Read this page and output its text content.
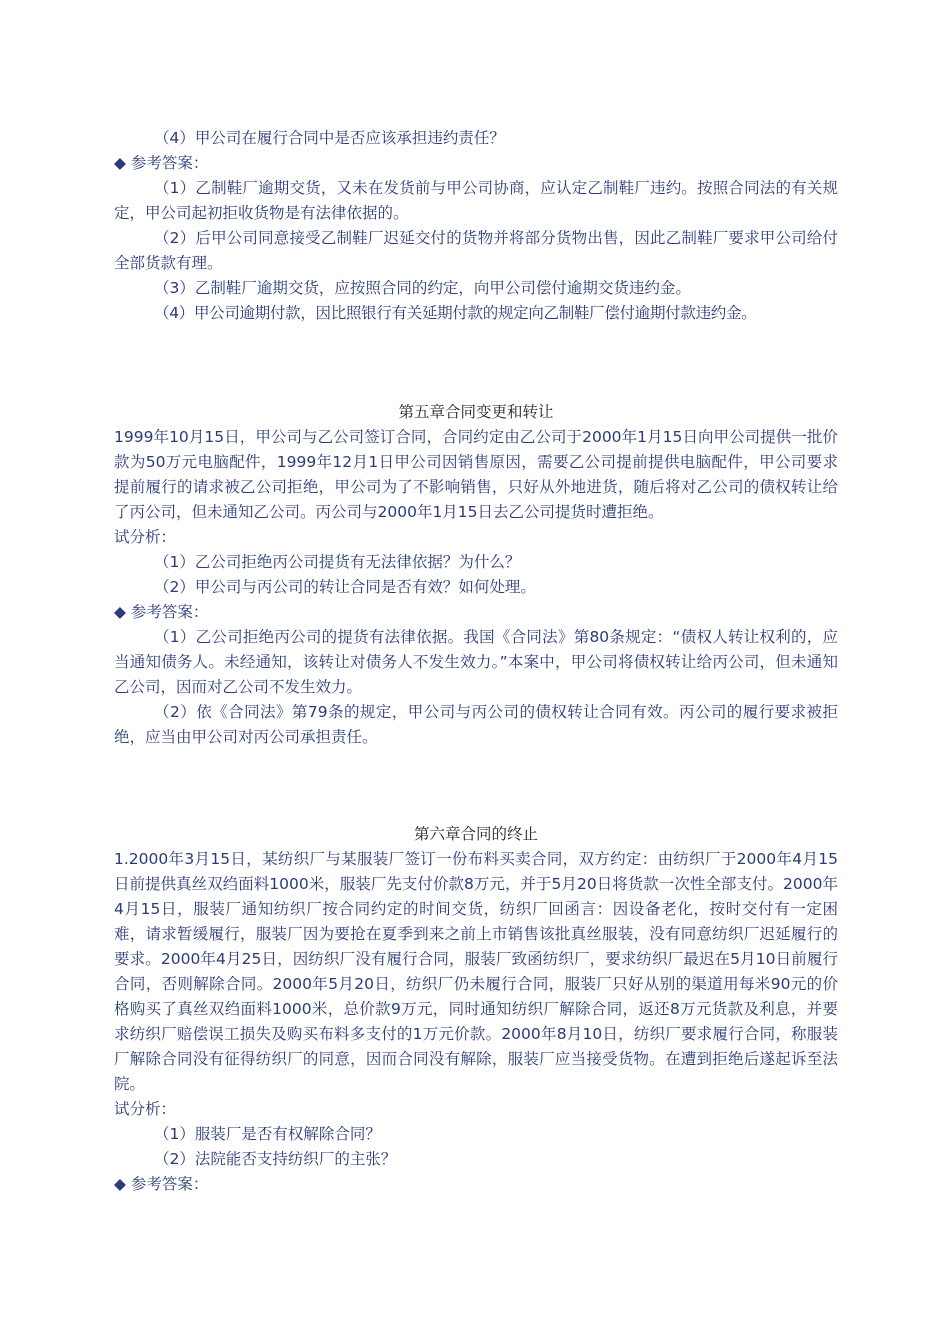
（4）甲公司在履行合同中是否应该承担违约责任？

◆ 参考答案：

（1）乙制鞋厂逾期交货，又未在发货前与甲公司协商，应认定乙制鞋厂违约。按照合同法的有关规定，甲公司起初拒收货物是有法律依据的。

（2）后甲公司同意接受乙制鞋厂迟延交付的货物并将部分货物出售，因此乙制鞋厂要求甲公司给付全部货款有理。

（3）乙制鞋厂逾期交货，应按照合同的约定，向甲公司偿付逾期交货违约金。

（4）甲公司逾期付款，因比照银行有关延期付款的规定向乙制鞋厂偿付逾期付款违约金。

第五章合同变更和转让

1999年10月15日，甲公司与乙公司签订合同，合同约定由乙公司于2000年1月15日向甲公司提供一批价款为50万元电脑配件，1999年12月1日甲公司因销售原因，需要乙公司提前提供电脑配件，甲公司要求提前履行的请求被乙公司拒绝，甲公司为了不影响销售，只好从外地进货，随后将对乙公司的债权转让给了丙公司，但未通知乙公司。丙公司与2000年1月15日去乙公司提货时遭拒绝。

试分析：

（1）乙公司拒绝丙公司提货有无法律依据？为什么？

（2）甲公司与丙公司的转让合同是否有效？如何处理。

◆ 参考答案：

（1）乙公司拒绝丙公司的提货有法律依据。我国《合同法》第80条规定：“债权人转让权利的，应当通知债务人。未经通知，该转让对债务人不发生效力。”本案中，甲公司将债权转让给丙公司，但未通知乙公司，因而对乙公司不发生效力。

（2）依《合同法》第79条的规定，甲公司与丙公司的债权转让合同有效。丙公司的履行要求被拒绝，应当由甲公司对丙公司承担责任。

第六章合同的终止

1.2000年3月15日，某纺织厂与某服装厂签订一份布料买卖合同，双方约定：由纺织厂于2000年4月15日前提供真丝双绉面料1000米，服装厂先支付价款8万元，并于5月20日将货款一次性全部支付。2000年4月15日，服装厂通知纺织厂按合同约定的时间交货，纺织厂回函言：因设备老化，按时交付有一定困难，请求暂缓履行，服装厂因为要抢在夏季到来之前上市销售该批真丝服装，没有同意纺织厂迟延履行的要求。2000年4月25日，因纺织厂没有履行合同，服装厂致函纺织厂，要求纺织厂最迟在5月10日前履行合同，否则解除合同。2000年5月20日，纺织厂仍未履行合同，服装厂只好从别的渠道用每米90元的价格购买了真丝双绉面料1000米，总价款9万元，同时通知纺织厂解除合同，返还8万元货款及利息，并要求纺织厂赔偿误工损失及购买布料多支付的1万元价款。2000年8月10日，纺织厂要求履行合同，称服装厂解除合同没有征得纺织厂的同意，因而合同没有解除，服装厂应当接受货物。在遭到拒绝后遂起诉至法院。

试分析：

（1）服装厂是否有权解除合同？

（2）法院能否支持纺织厂的主张？

◆ 参考答案：
